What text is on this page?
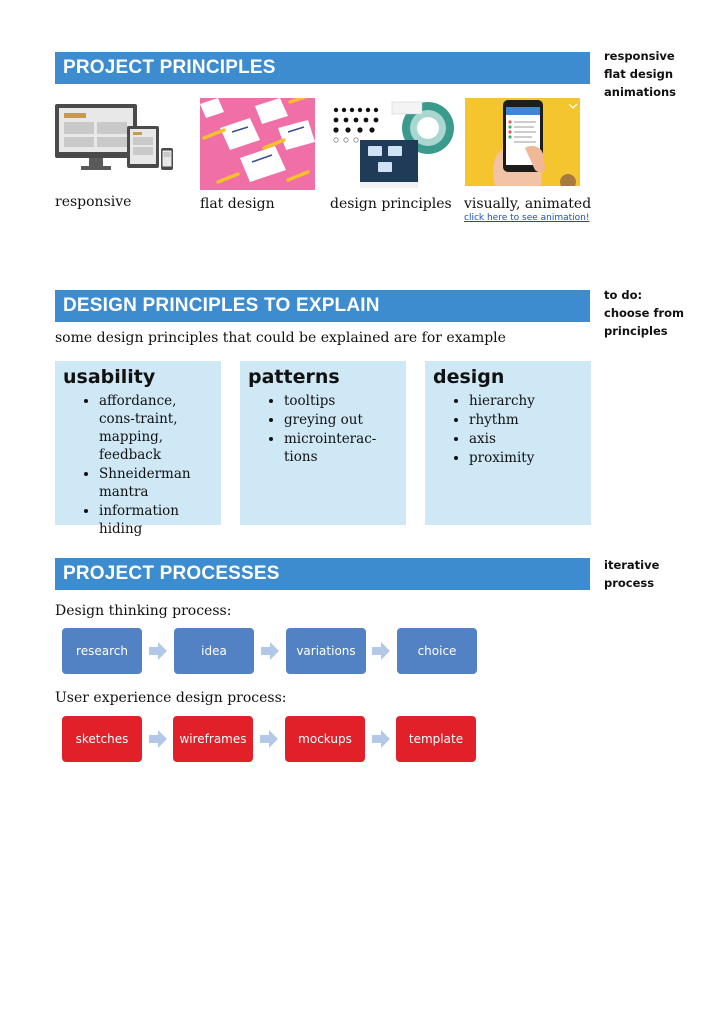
PROJECT PRINCIPLES
responsive
flat design
animations
responsive	flat design	design principles visually, animated
click here to see animation!
DESIGN PRINCIPLES TO EXPLAIN	to do:
choose from
principles
some design principles that could be explained are for example
usability
• affordance, cons-traint, mapping, feedback
• Shneiderman mantra
• information hiding
patterns
• tooltips
• greying out
• microinterac-tions
design
• hierarchy
• rhythm
• axis
• proximity
PROJECT PROCESSES	iterative
process
Design thinking process:
research	idea	variations	choice
User experience design process:
sketches	wireframes	mockups	template
